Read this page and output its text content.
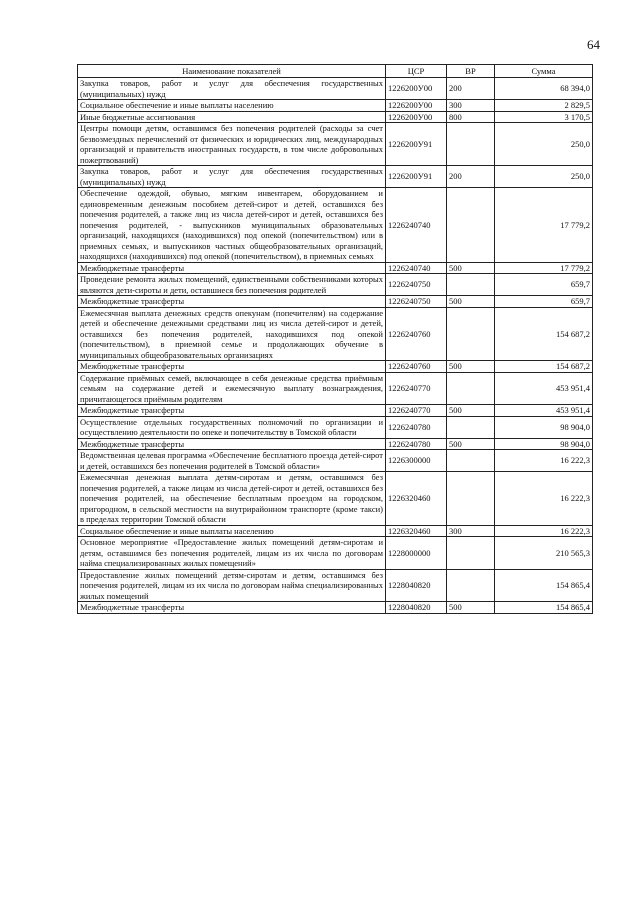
64
Наименование показателей	ЦСР	ВР	Сумма
Закупка товаров, работ и услуг для обеспечения государственных (муниципальных) нужд	1226200У00	200	68 394,0
Социальное обеспечение и иные выплаты населению	1226200У00	300	2 829,5
Иные бюджетные ассигнования	1226200У00	800	3 170,5
Центры помощи детям, оставшимся без попечения родителей (расходы за счет безвозмездных перечислений от физических и юридических лиц, международных организаций и правительств иностранных государств, в том числе добровольных пожертвований)	1226200У91		250,0
Закупка товаров, работ и услуг для обеспечения государственных (муниципальных) нужд	1226200У91	200	250,0
Обеспечение одеждой, обувью, мягким инвентарем, оборудованием и единовременным денежным пособием детей-сирот и детей, оставшихся без попечения родителей, а также лиц из числа детей-сирот и детей, оставшихся без попечения родителей, - выпускников муниципальных образовательных организаций, находящихся (находившихся) под опекой (попечительством) или в приемных семьях, и выпускников частных общеобразовательных организаций, находящихся (находившихся) под опекой (попечительством), в приемных семьях	1226240740		17 779,2
Межбюджетные трансферты	1226240740	500	17 779,2
Проведение ремонта жилых помещений, единственными собственниками которых являются дети-сироты и дети, оставшиеся без попечения родителей	1226240750		659,7
Межбюджетные трансферты	1226240750	500	659,7
Ежемесячная выплата денежных средств опекунам (попечителям) на содержание детей и обеспечение денежными средствами лиц из числа детей-сирот и детей, оставшихся без попечения родителей, находившихся под опекой (попечительством), в приемной семье и продолжающих обучение в муниципальных общеобразовательных организациях	1226240760		154 687,2
Межбюджетные трансферты	1226240760	500	154 687,2
Содержание приёмных семей, включающее в себя денежные средства приёмным семьям на содержание детей и ежемесячную выплату вознаграждения, причитающегося приёмным родителям	1226240770		453 951,4
Межбюджетные трансферты	1226240770	500	453 951,4
Осуществление отдельных государственных полномочий по организации и осуществлению деятельности по опеке и попечительству в Томской области	1226240780		98 904,0
Межбюджетные трансферты	1226240780	500	98 904,0
Ведомственная целевая программа «Обеспечение бесплатного проезда детей-сирот и детей, оставшихся без попечения родителей в Томской области»	1226300000		16 222,3
Ежемесячная денежная выплата детям-сиротам и детям, оставшимся без попечения родителей, а также лицам из числа детей-сирот и детей, оставшихся без попечения родителей, на обеспечение бесплатным проездом на городском, пригородном, в сельской местности на внутрирайонном транспорте (кроме такси) в пределах территории Томской области	1226320460		16 222,3
Социальное обеспечение и иные выплаты населению	1226320460	300	16 222,3
Основное мероприятие «Предоставление жилых помещений детям-сиротам и детям, оставшимся без попечения родителей, лицам из их числа по договорам найма специализированных жилых помещений»	1228000000		210 565,3
Предоставление жилых помещений детям-сиротам и детям, оставшимся без попечения родителей, лицам из их числа по договорам найма специализированных жилых помещений	1228040820		154 865,4
Межбюджетные трансферты	1228040820	500	154 865,4
